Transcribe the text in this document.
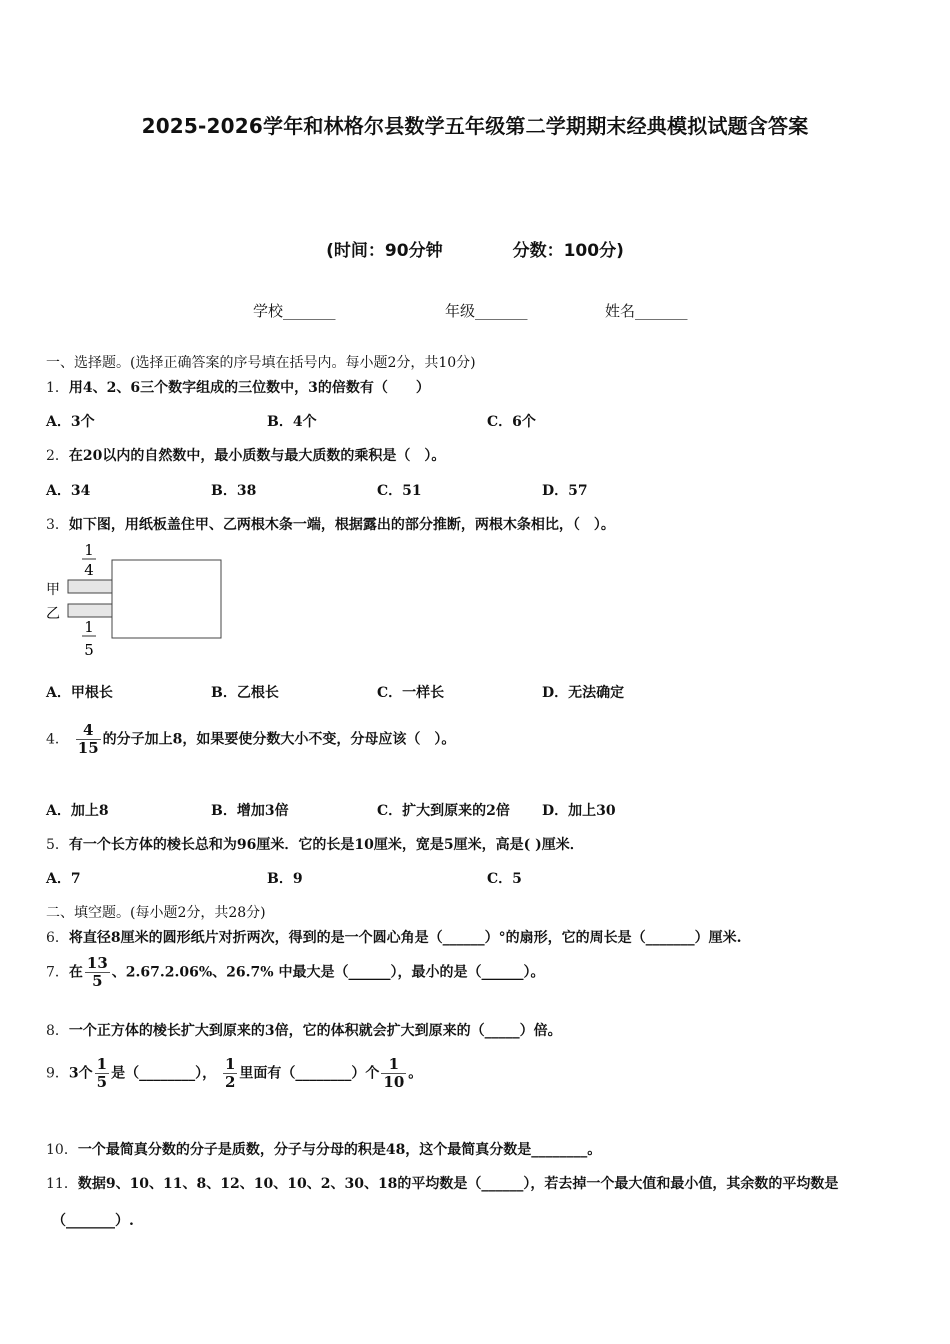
2025-2026学年和林格尔县数学五年级第二学期期末经典模拟试题含答案
(时间：90分钟	分数：100分)
学校_______	年级_______	姓名_______
一、选择题。(选择正确答案的序号填在括号内。每小题2分，共10分)
1．用4、2、6三个数字组成的三位数中，3的倍数有（　　）
A．3个	B．4个	C．6个
2．在20以内的自然数中，最小质数与最大质数的乘积是（　）。
A．34	B．38	C．51	D．57
3．如下图，用纸板盖住甲、乙两根木条一端，根据露出的部分推断，两根木条相比，（　）。
1
4
甲
乙
1
5
A．甲根长	B．乙根长	C．一样长	D．无法确定
4． $\frac{4}{15}$ 的分子加上8，如果要使分数大小不变，分母应该（　）。
A．加上8	B．增加3倍	C．扩大到原来的2倍 D．加上30
5．有一个长方体的棱长总和为96厘米．它的长是10厘米，宽是5厘米，高是( )厘米．
A．7	B．9	C．5
二、填空题。(每小题2分，共28分)
6．将直径8厘米的圆形纸片对折两次，得到的是一个圆心角是（______）°的扇形，它的周长是（_______）厘米.
7．在 $\frac{13}{5}$ 、2.67.2.06%、26.7% 中最大是（______），最小的是（______）。
8．一个正方体的棱长扩大到原来的3倍，它的体积就会扩大到原来的（_____）倍。
9．3个 $\frac{1}{5}$ 是（________）， $\frac{1}{2}$ 里面有（________）个 $\frac{1}{10}$ 。
10．一个最简真分数的分子是质数，分子与分母的积是48，这个最简真分数是________。
11．数据9、10、11、8、12、10、10、2、30、18的平均数是（______），若去掉一个最大值和最小值，其余数的平均数是
（_______）.
